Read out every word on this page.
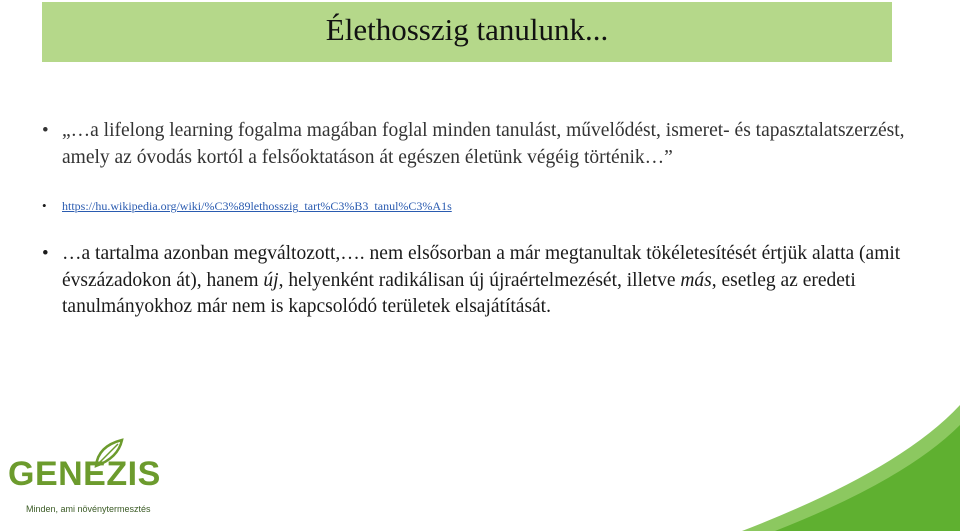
Élethosszig tanulunk...
• „…a lifelong learning fogalma magában foglal minden tanulást, művelődést, ismeret- és tapasztalatszerzést, amely az óvodás kortól a felsőoktatáson át egészen életünk végéig történik…”
• https://hu.wikipedia.org/wiki/%C3%89lethosszig_tart%C3%B3_tanul%C3%A1s
• …a tartalma azonban megváltozott,…. nem elsősorban a már megtanultak tökéletesítését értjük alatta (amit évszázadokon át), hanem új, helyenként radikálisan új újraértelmezését, illetve más, esetleg az eredeti tanulmányokhoz már nem is kapcsolódó területek elsajátítását.
GENEZIS
Minden, ami növénytermesztés
